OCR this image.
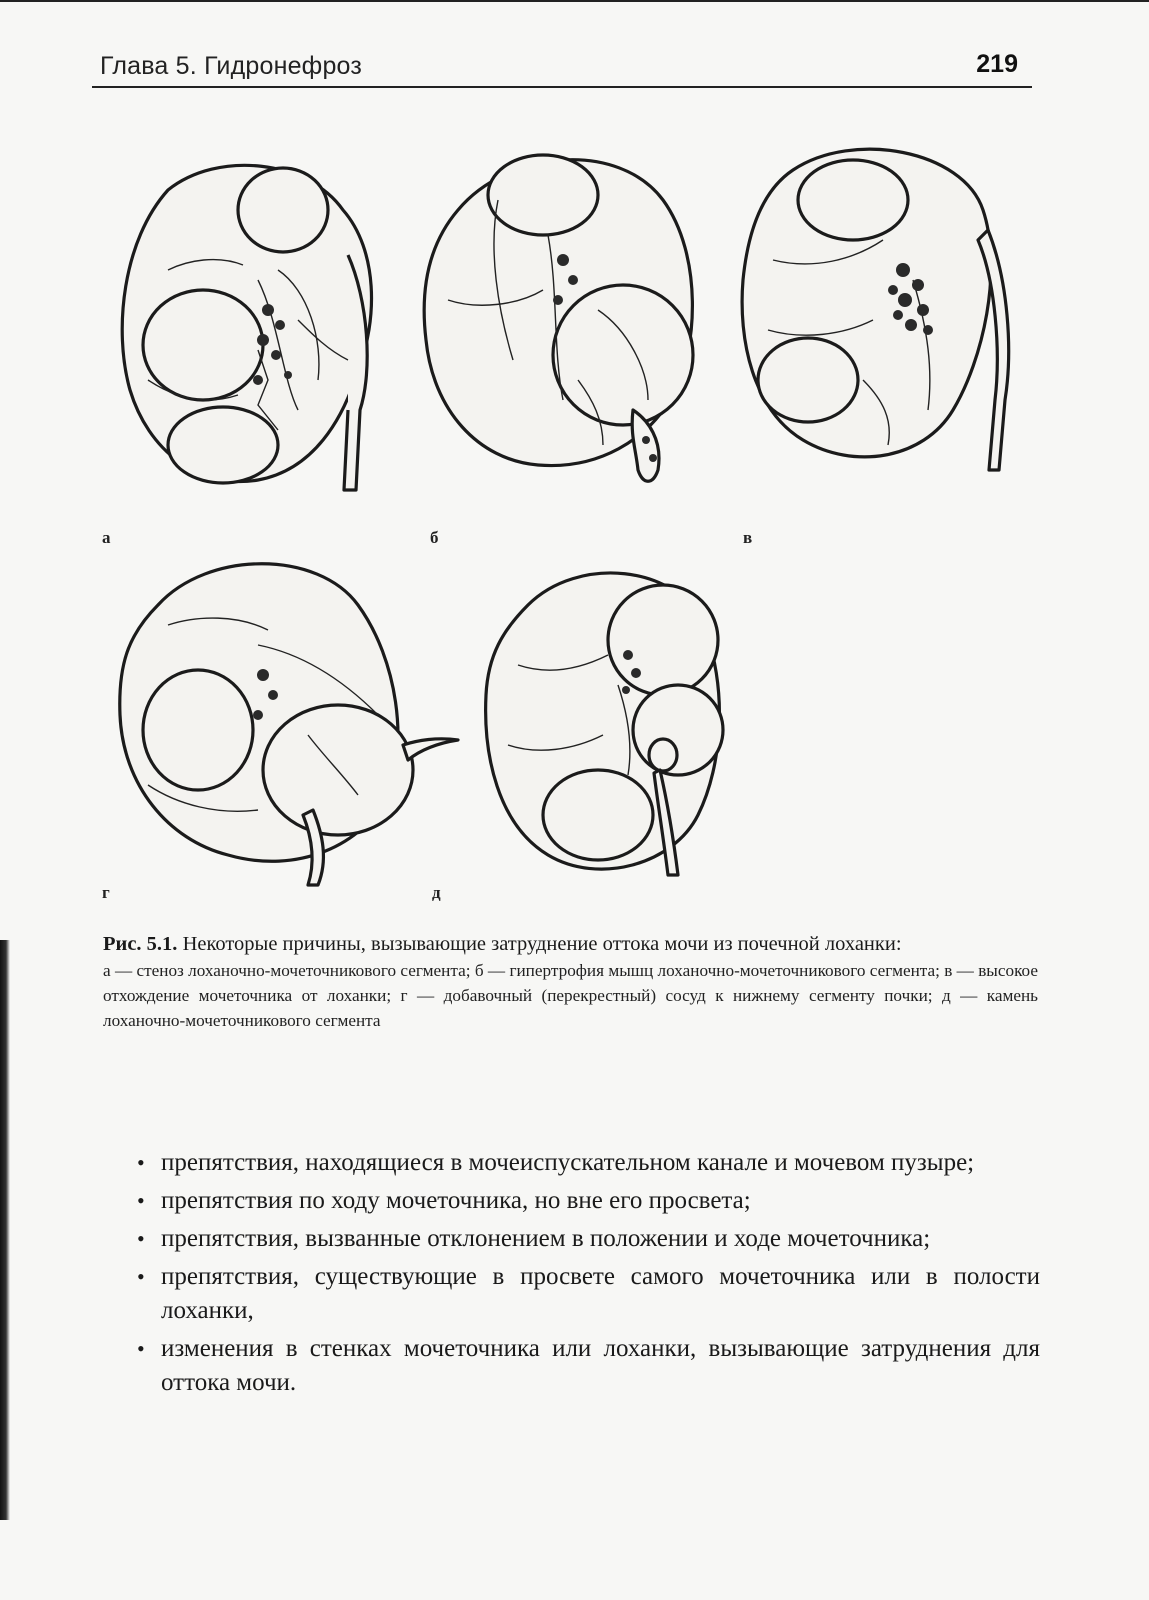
Глава 5. Гидронефроз	219
а	б	в
г	д

Рис. 5.1. Некоторые причины, вызывающие затруднение оттока мочи из почечной лоханки:

а — стеноз лоханочно-мочеточникового сегмента; б — гипертрофия мышц лоханочно-мочеточникового сегмента; в — высокое отхождение мочеточника от лоханки; г — добавочный (перекрестный) сосуд к нижнему сегменту почки; д — камень лоханочно-мочеточникового сегмента

• препятствия, находящиеся в мочеиспускательном канале и мочевом пузыре;
• препятствия по ходу мочеточника, но вне его просвета;
• препятствия, вызванные отклонением в положении и ходе мочеточника;
• препятствия, существующие в просвете самого мочеточника или в полости лоханки,
• изменения в стенках мочеточника или лоханки, вызывающие затруднения для оттока мочи.
